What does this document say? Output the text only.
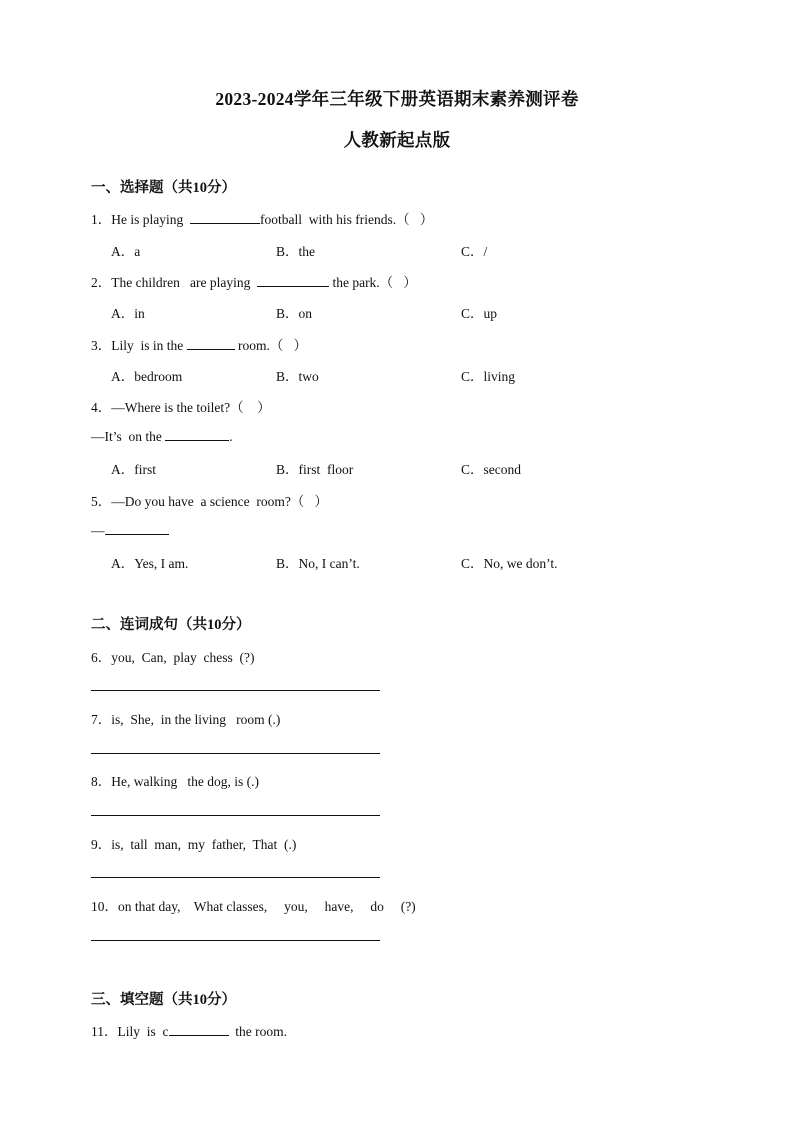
2023-2024学年三年级下册英语期末素养测评卷
人教新起点版
一、选择题（共10分）
1．He is playing	football  with his friends.（   ）
A．a	B．the	C．/
2．The children   are playing	the park.（   ）
A．in	B．on	C．up
3．Lily  is in the	room.（   ）
A．bedroom	B．two	C．living
4．—Where is the toilet?（    ）
—It’s  on the	.
A．first	B．first  floor	C．second
5．—Do you have  a science  room?（   ）
—
A．Yes, I am.	B．No, I can’t.	C．No, we don’t.
二、连词成句（共10分）
6．you,  Can,  play  chess  (?)
7．is,  She,  in the living   room (.)
8．He, walking   the dog, is (.)
9．is,  tall  man,  my  father,  That  (.)
10．on that day,    What classes,     you,     have,     do     (?)
三、填空题（共10分）
11．Lily  is  c	the room.
